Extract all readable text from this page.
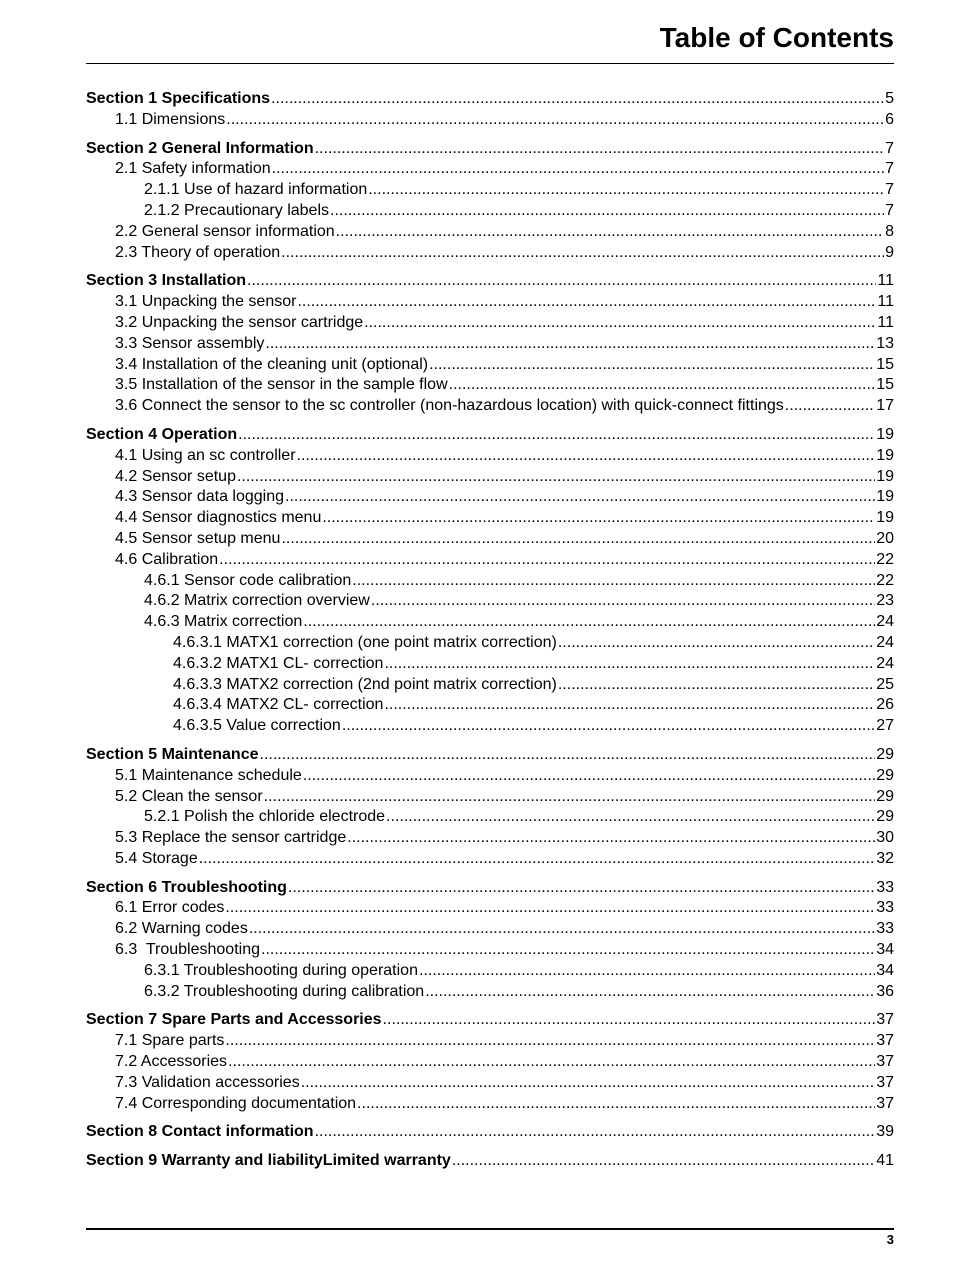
Table of Contents
Section 1 Specifications .....	5
1.1 Dimensions .....	6
Section 2 General Information .....	7
2.1 Safety information .....	7
2.1.1 Use of hazard information .....	7
2.1.2 Precautionary labels .....	7
2.2 General sensor information .....	8
2.3 Theory of operation .....	9
Section 3 Installation .....	11
3.1 Unpacking the sensor .....	11
3.2 Unpacking the sensor cartridge .....	11
3.3 Sensor assembly .....	13
3.4 Installation of the cleaning unit (optional) .....	15
3.5 Installation of the sensor in the sample flow .....	15
3.6 Connect the sensor to the sc controller (non-hazardous location) with quick-connect fittings .....	17
Section 4 Operation .....	19
4.1 Using an sc controller .....	19
4.2 Sensor setup .....	19
4.3 Sensor data logging .....	19
4.4 Sensor diagnostics menu .....	19
4.5 Sensor setup menu .....	20
4.6 Calibration .....	22
4.6.1 Sensor code calibration .....	22
4.6.2 Matrix correction overview .....	23
4.6.3 Matrix correction .....	24
4.6.3.1 MATX1 correction (one point matrix correction) .....	24
4.6.3.2 MATX1 CL- correction .....	24
4.6.3.3 MATX2 correction (2nd point matrix correction) .....	25
4.6.3.4 MATX2 CL- correction .....	26
4.6.3.5 Value correction .....	27
Section 5 Maintenance .....	29
5.1 Maintenance schedule .....	29
5.2 Clean the sensor .....	29
5.2.1 Polish the chloride electrode .....	29
5.3 Replace the sensor cartridge .....	30
5.4 Storage .....	32
Section 6 Troubleshooting .....	33
6.1 Error codes .....	33
6.2 Warning codes .....	33
6.3  Troubleshooting .....	34
6.3.1 Troubleshooting during operation .....	34
6.3.2 Troubleshooting during calibration .....	36
Section 7 Spare Parts and Accessories .....	37
7.1 Spare parts .....	37
7.2 Accessories .....	37
7.3 Validation accessories .....	37
7.4 Corresponding documentation .....	37
Section 8 Contact information .....	39
Section 9 Warranty and liabilityLimited warranty .....	41
3
